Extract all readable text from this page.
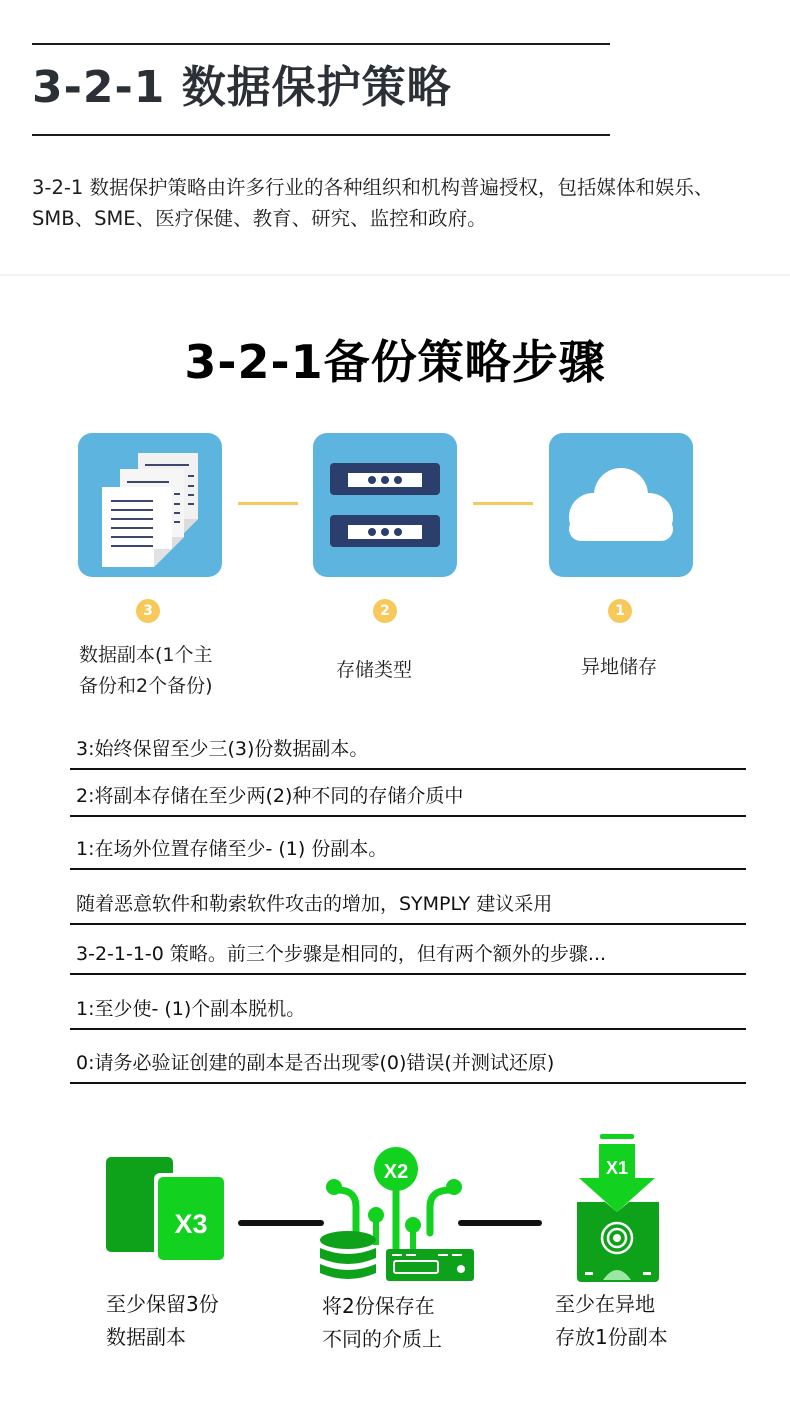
3-2-1 数据保护策略

3-2-1 数据保护策略由许多行业的各种组织和机构普遍授权，包括媒体和娱乐、SMB、SME、医疗保健、教育、研究、监控和政府。

3-2-1备份策略步骤
3	2	1
数据副本(1个主
备份和2个备份)
存储类型	异地储存
3:始终保留至少三(3)份数据副本。
2:将副本存储在至少两(2)种不同的存储介质中
1:在场外位置存储至少- (1) 份副本。
随着恶意软件和勒索软件攻击的增加，SYMPLY 建议采用
3-2-1-1-0 策略。前三个步骤是相同的，但有两个额外的步骤...
1:至少使- (1)个副本脱机。
0:请务必验证创建的副本是否出现零(0)错误(并测试还原)
X3
X2	X1
至少保留3份
数据副本
将2份保存在
不同的介质上
至少在异地
存放1份副本
